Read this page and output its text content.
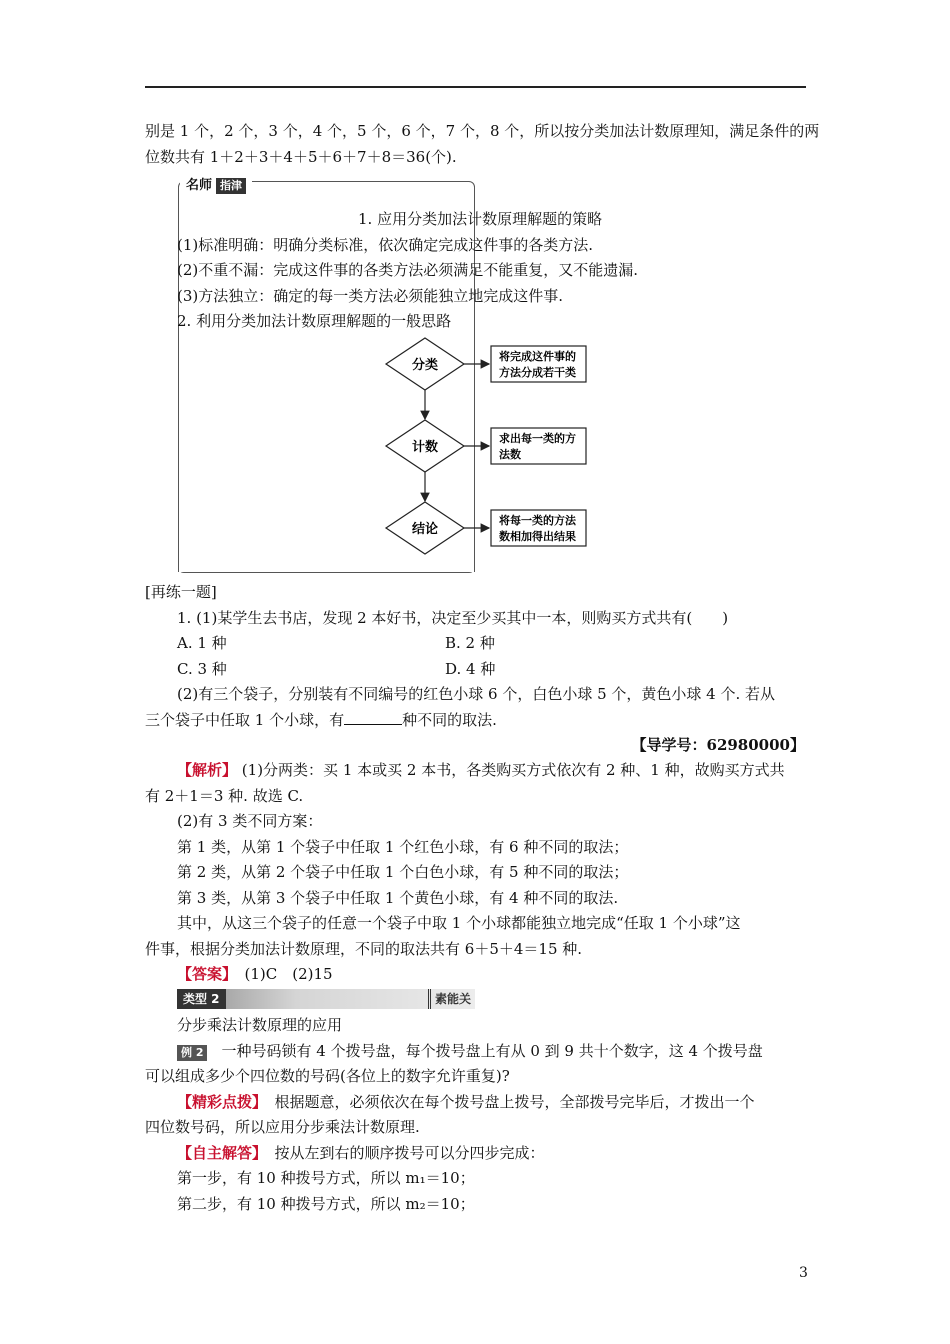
别是 1 个，2 个，3 个，4 个，5 个，6 个，7 个，8 个，所以按分类加法计数原理知，满足条件的两
位数共有 1＋2＋3＋4＋5＋6＋7＋8＝36(个).
名师 指津
1. 应用分类加法计数原理解题的策略
(1)标准明确：明确分类标准，依次确定完成这件事的各类方法.
(2)不重不漏：完成这件事的各类方法必须满足不能重复，又不能遗漏.
(3)方法独立：确定的每一类方法必须能独立地完成这件事.
2. 利用分类加法计数原理解题的一般思路
分类
将完成这件事的
方法分成若干类
计数
求出每一类的方
法数
结论
将每一类的方法
数相加得出结果
[再练一题]
1. (1)某学生去书店，发现 2 本好书，决定至少买其中一本，则购买方式共有(　　)
A. 1 种	B. 2 种
C. 3 种	D. 4 种
(2)有三个袋子，分别装有不同编号的红色小球 6 个，白色小球 5 个，黄色小球 4 个. 若从
三个袋子中任取 1 个小球，有	种不同的取法.
【导学号：62980000】
【解析】 (1)分两类：买 1 本或买 2 本书，各类购买方式依次有 2 种、1 种，故购买方式共
有 2＋1＝3 种. 故选 C.
(2)有 3 类不同方案：
第 1 类，从第 1 个袋子中任取 1 个红色小球，有 6 种不同的取法；
第 2 类，从第 2 个袋子中任取 1 个白色小球，有 5 种不同的取法；
第 3 类，从第 3 个袋子中任取 1 个黄色小球，有 4 种不同的取法.
其中，从这三个袋子的任意一个袋子中取 1 个小球都能独立地完成“任取 1 个小球”这
件事，根据分类加法计数原理，不同的取法共有 6＋5＋4＝15 种.
【答案】　 (1)C　(2)15
类型 2	素能关
分步乘法计数原理的应用
例 2 一种号码锁有 4 个拨号盘，每个拨号盘上有从 0 到 9 共十个数字，这 4 个拨号盘
可以组成多少个四位数的号码(各位上的数字允许重复)?
【精彩点拨】　 根据题意，必须依次在每个拨号盘上拨号，全部拨号完毕后，才拨出一个
四位数号码，所以应用分步乘法计数原理.
【自主解答】　 按从左到右的顺序拨号可以分四步完成：
第一步，有 10 种拨号方式，所以 m₁＝10；
第二步，有 10 种拨号方式，所以 m₂＝10；
3
